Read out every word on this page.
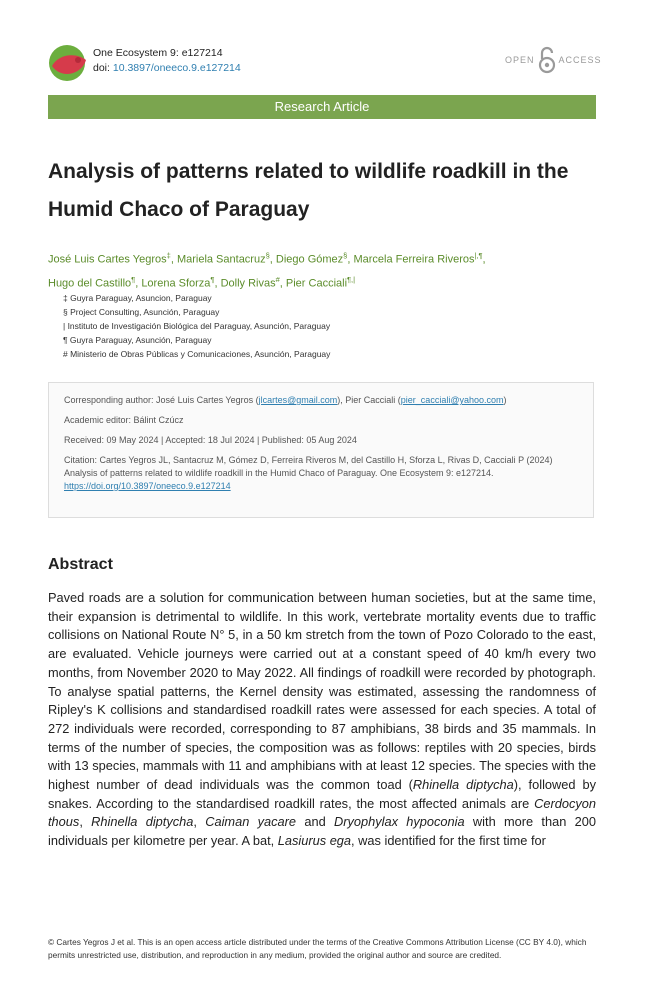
One Ecosystem 9: e127214
doi: 10.3897/oneeco.9.e127214
OPEN	ACCESS
Research Article
Analysis of patterns related to wildlife roadkill in the Humid Chaco of Paraguay
José Luis Cartes Yegros‡, Mariela Santacruz§, Diego Gómez§, Marcela Ferreira Riveros|,¶,
Hugo del Castillo¶, Lorena Sforza¶, Dolly Rivas#, Pier Cacciali¶,|
‡ Guyra Paraguay, Asuncion, Paraguay
§ Project Consulting, Asunción, Paraguay
| Instituto de Investigación Biológica del Paraguay, Asunción, Paraguay
¶ Guyra Paraguay, Asunción, Paraguay
# Ministerio de Obras Públicas y Comunicaciones, Asunción, Paraguay

Corresponding author: José Luis Cartes Yegros (jlcartes@gmail.com), Pier Cacciali (pier_cacciali@yahoo.com)

Academic editor: Bálint Czúcz

Received: 09 May 2024 | Accepted: 18 Jul 2024 | Published: 05 Aug 2024

Citation: Cartes Yegros JL, Santacruz M, Gómez D, Ferreira Riveros M, del Castillo H, Sforza L, Rivas D, Cacciali P (2024) Analysis of patterns related to wildlife roadkill in the Humid Chaco of Paraguay. One Ecosystem 9: e127214. https://doi.org/10.3897/oneeco.9.e127214

Abstract
Paved roads are a solution for communication between human societies, but at the same time, their expansion is detrimental to wildlife. In this work, vertebrate mortality events due to traffic collisions on National Route N° 5, in a 50 km stretch from the town of Pozo Colorado to the east, are evaluated. Vehicle journeys were carried out at a constant speed of 40 km/h every two months, from November 2020 to May 2022. All findings of roadkill were recorded by photograph. To analyse spatial patterns, the Kernel density was estimated, assessing the randomness of Ripley's K collisions and standardised roadkill rates were assessed for each species. A total of 272 individuals were recorded, corresponding to 87 amphibians, 38 birds and 35 mammals. In terms of the number of species, the composition was as follows: reptiles with 20 species, birds with 13 species, mammals with 11 and amphibians with at least 12 species. The species with the highest number of dead individuals was the common toad (Rhinella diptycha), followed by snakes. According to the standardised roadkill rates, the most affected animals are Cerdocyon thous, Rhinella diptycha, Caiman yacare and Dryophylax hypoconia with more than 200 individuals per kilometre per year. A bat, Lasiurus ega, was identified for the first time for
© Cartes Yegros J et al. This is an open access article distributed under the terms of the Creative Commons Attribution License (CC BY 4.0), which permits unrestricted use, distribution, and reproduction in any medium, provided the original author and source are credited.
